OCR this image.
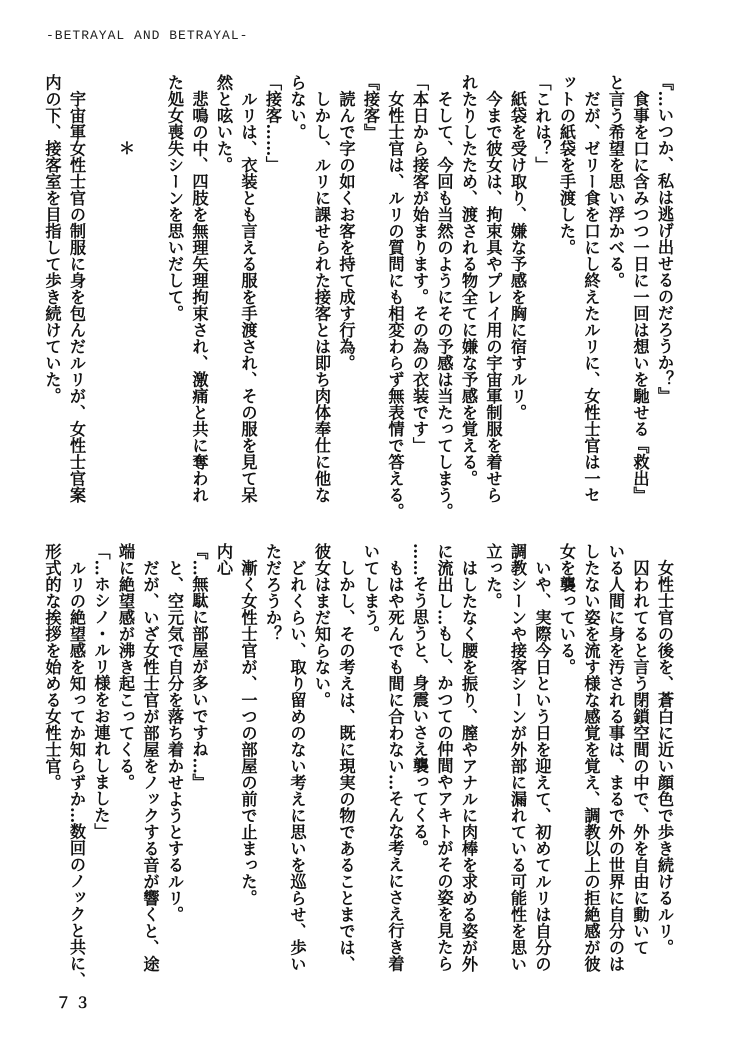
-BETRAYAL AND BETRAYAL-
『…いつか、私は逃げ出せるのだろうか？』
　食事を口に含みつつ一日に一回は想いを馳せる『救出』
と言う希望を思い浮かべる。
　だが、ゼリー食を口にし終えたルリに、女性士官は一セ
ットの紙袋を手渡した。
「これは？」
　紙袋を受け取り、嫌な予感を胸に宿すルリ。
　今まで彼女は、拘束具やプレイ用の宇宙軍制服を着せら
れたりしたため、渡される物全てに嫌な予感を覚える。
　そして、今回も当然のようにその予感は当たってしまう。
「本日から接客が始まります。その為の衣装です」
　女性士官は、ルリの質問にも相変わらず無表情で答える。
『接客』
　読んで字の如くお客を持て成す行為。
　しかし、ルリに課せられた接客とは即ち肉体奉仕に他な
らない。
「接客……」
　ルリは、衣装とも言える服を手渡され、その服を見て呆
然と呟いた。
　悲鳴の中、四肢を無理矢理拘束され、激痛と共に奪われ
た処女喪失シーンを思いだして。

　　　　＊

　宇宙軍女性士官の制服に身を包んだルリが、女性士官案
内の下、接客室を目指して歩き続けていた。
　女性士官の後を、蒼白に近い顔色で歩き続けるルリ。
　囚われてると言う閉鎖空間の中で、外を自由に動いて
いる人間に身を汚される事は、まるで外の世界に自分のは
したない姿を流す様な感覚を覚え、調教以上の拒絶感が彼
女を襲っている。
　いや、実際今日という日を迎えて、初めてルリは自分の
調教シーンや接客シーンが外部に漏れている可能性を思い
立った。
　はしたなく腰を振り、膣やアナルに肉棒を求める姿が外
に流出し…もし、かつての仲間やアキトがその姿を見たら
……そう思うと、身震いさえ襲ってくる。
　もはや死んでも間に合わない…そんな考えにさえ行き着
いてしまう。
　しかし、その考えは、既に現実の物であることまでは、
彼女はまだ知らない。
　どれくらい、取り留めのない考えに思いを巡らせ、歩い
ただろうか？
　漸く女性士官が、一つの部屋の前で止まった。
内心
『…無駄に部屋が多いですね…』
　と、空元気で自分を落ち着かせようとするルリ。
　だが、いざ女性士官が部屋をノックする音が響くと、途
端に絶望感が沸き起こってくる。
「…ホシノ・ルリ様をお連れしました」
　ルリの絶望感を知ってか知らずか…数回のノックと共に、
形式的な挨拶を始める女性士官。
７３
